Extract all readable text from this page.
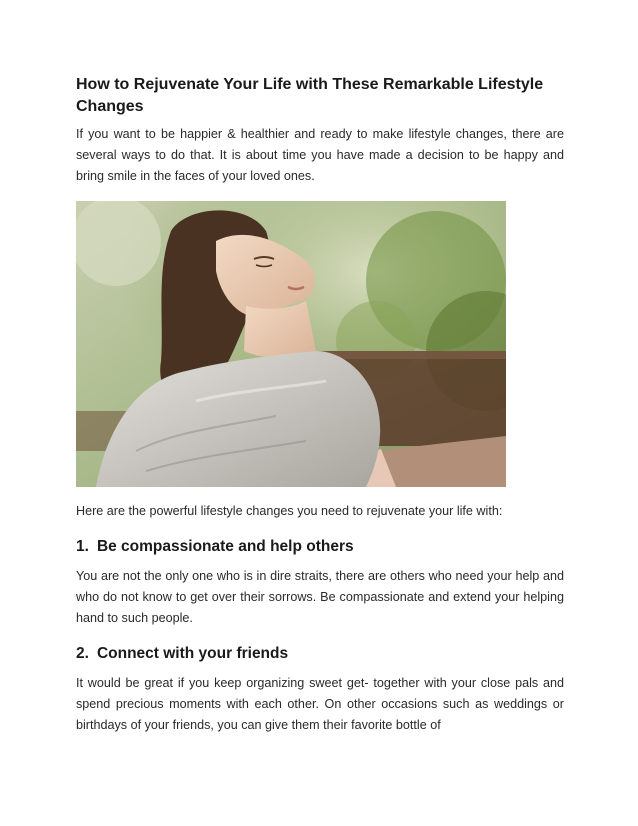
How to Rejuvenate Your Life with These Remarkable Lifestyle Changes

If you want to be happier & healthier and ready to make lifestyle changes, there are several ways to do that. It is about time you have made a decision to be happy and bring smile in the faces of your loved ones.

Here are the powerful lifestyle changes you need to rejuvenate your life with:

1. Be compassionate and help others

You are not the only one who is in dire straits, there are others who need your help and who do not know to get over their sorrows. Be compassionate and extend your helping hand to such people.

2. Connect with your friends

It would be great if you keep organizing sweet get- together with your close pals and spend precious moments with each other. On other occasions such as weddings or birthdays of your friends, you can give them their favorite bottle of
